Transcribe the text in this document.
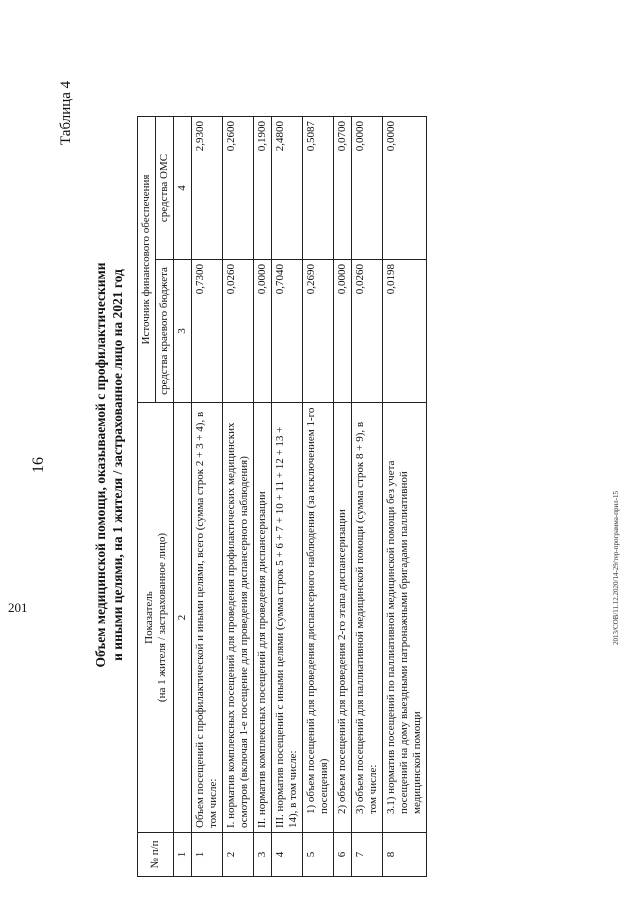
16
Таблица 4
Объем медицинской помощи, оказываемой с профилактическими и иными целями, на 1 жителя / застрахованное лицо на 2021 год
№ п/п	Показатель (на 1 жителя / застрахованное лицо)	Источник финансового обеспечения	
		средства краевого бюджета	средства ОМС
1	2	3	4
1	Объем посещений с профилактической и иными целями, всего (сумма строк 2 + 3 + 4), в том числе:	0,7300	2,9300
2	I. норматив комплексных посещений для проведения профилактических медицинских осмотров (включая 1-е посещение для проведения диспансерного наблюдения)	0,0260	0,2600
3	II. норматив комплексных посещений для проведения диспансеризации	0,0000	0,1900
4	III. норматив посещений с иными целями (сумма строк 5 + 6 + 7 + 10 + 11 + 12 + 13 + 14), в том числе:	0,7040	2,4800
5	1) объем посещений для проведения диспансерного наблюдения (за исключением 1-го посещения)	0,2690	0,5087
6	2) объем посещений для проведения 2-го этапа диспансеризации	0,0000	0,0700
7	3) объем посещений для паллиативной медицинской помощи (сумма строк 8 + 9), в том числе:	0,0260	0,0000
8	3.1) норматив посещений по паллиативной медицинской помощи без учета посещений на дому выездными патронажными бригадами паллиативной медицинской помощи	0,0198	0,0000
2013/СОВ/11.12.2020/14-29/тер-программа-прил-15
201
